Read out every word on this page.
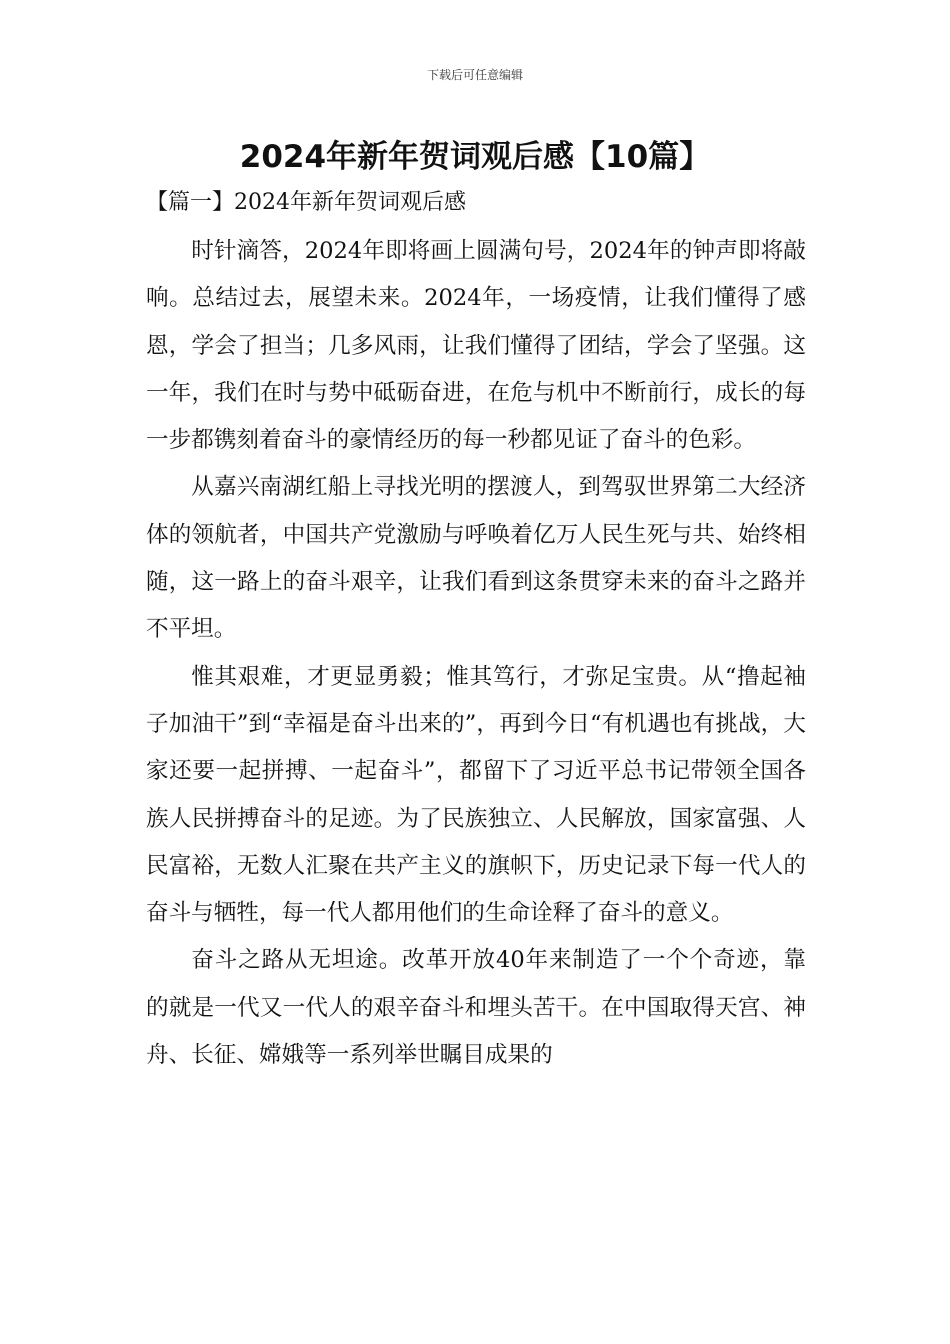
下载后可任意编辑
2024年新年贺词观后感【10篇】
【篇一】2024年新年贺词观后感

时针滴答，2024年即将画上圆满句号，2024年的钟声即将敲响。总结过去，展望未来。2024年，一场疫情，让我们懂得了感恩，学会了担当；几多风雨，让我们懂得了团结，学会了坚强。这一年，我们在时与势中砥砺奋进，在危与机中不断前行，成长的每一步都镌刻着奋斗的豪情经历的每一秒都见证了奋斗的色彩。

从嘉兴南湖红船上寻找光明的摆渡人，到驾驭世界第二大经济体的领航者，中国共产党激励与呼唤着亿万人民生死与共、始终相随，这一路上的奋斗艰辛，让我们看到这条贯穿未来的奋斗之路并不平坦。

惟其艰难，才更显勇毅；惟其笃行，才弥足宝贵。从“撸起袖子加油干”到“幸福是奋斗出来的”，再到今日“有机遇也有挑战，大家还要一起拼搏、一起奋斗”，都留下了习近平总书记带领全国各族人民拼搏奋斗的足迹。为了民族独立、人民解放，国家富强、人民富裕，无数人汇聚在共产主义的旗帜下，历史记录下每一代人的奋斗与牺牲，每一代人都用他们的生命诠释了奋斗的意义。

奋斗之路从无坦途。改革开放40年来制造了一个个奇迹，靠的就是一代又一代人的艰辛奋斗和埋头苦干。在中国取得天宫、神舟、长征、嫦娥等一系列举世瞩目成果的
